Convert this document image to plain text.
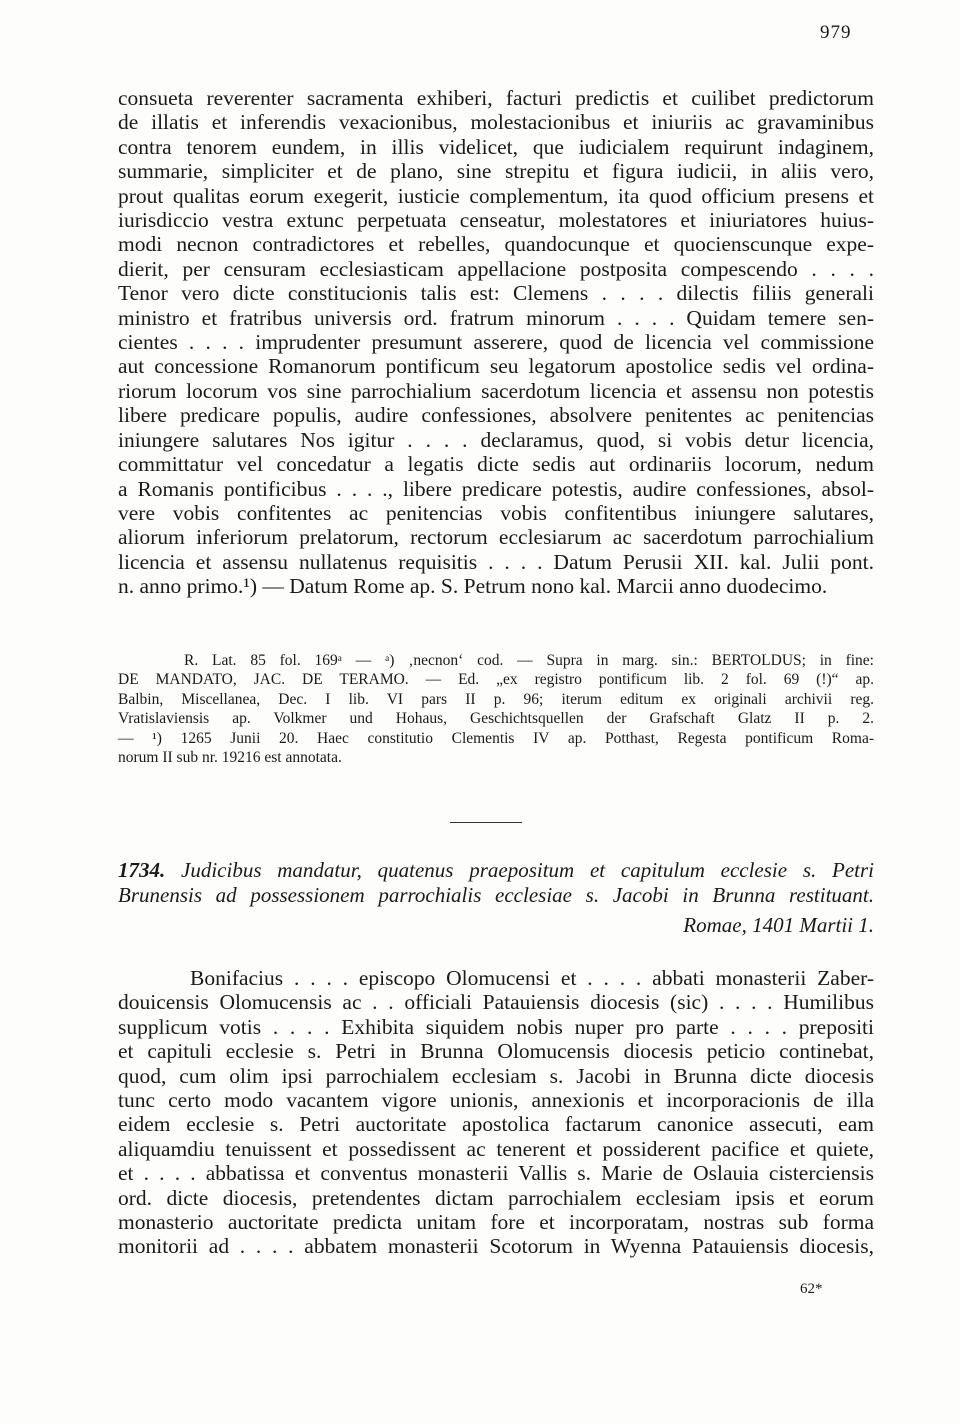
979
consueta reverenter sacramenta exhiberi, facturi predictis et cuilibet predictorum
de illatis et inferendis vexacionibus, molestacionibus et iniuriis ac gravaminibus
contra tenorem eundem, in illis videlicet, que iudicialem requirunt indaginem,
summarie, simpliciter et de plano, sine strepitu et figura iudicii, in aliis vero,
prout qualitas eorum exegerit, iusticie complementum, ita quod officium presens et
iurisdiccio vestra extunc perpetuata censeatur, molestatores et iniuriatores huius-
modi necnon contradictores et rebelles, quandocunque et quocienscunque expe-
dierit, per censuram ecclesiasticam appellacione postposita compescendo . . . .
Tenor vero dicte constitucionis talis est: Clemens . . . . dilectis filiis generali
ministro et fratribus universis ord. fratrum minorum . . . . Quidam temere sen-
cientes . . . . imprudenter presumunt asserere, quod de licencia vel commissione
aut concessione Romanorum pontificum seu legatorum apostolice sedis vel ordina-
riorum locorum vos sine parrochialium sacerdotum licencia et assensu non potestis
libere predicare populis, audire confessiones, absolvere penitentes ac penitencias
iniungere salutares Nos igitur . . . . declaramus, quod, si vobis detur licencia,
committatur vel concedatur a legatis dicte sedis aut ordinariis locorum, nedum
a Romanis pontificibus . . . ., libere predicare potestis, audire confessiones, absol-
vere vobis confitentes ac penitencias vobis confitentibus iniungere salutares,
aliorum inferiorum prelatorum, rectorum ecclesiarum ac sacerdotum parrochialium
licencia et assensu nullatenus requisitis . . . . Datum Perusii XII. kal. Julii pont.
n. anno primo.¹) — Datum Rome ap. S. Petrum nono kal. Marcii anno duodecimo.
R. Lat. 85 fol. 169ᵃ — ᵃ) ‚necnon‘ cod. — Supra in marg. sin.: BERTOLDUS; in fine:
DE MANDATO, JAC. DE TERAMO. — Ed. „ex registro pontificum lib. 2 fol. 69 (!)“ ap.
Balbin, Miscellanea, Dec. I lib. VI pars II p. 96; iterum editum ex originali archivii reg.
Vratislaviensis ap. Volkmer und Hohaus, Geschichtsquellen der Grafschaft Glatz II p. 2.
— ¹) 1265 Junii 20. Haec constitutio Clementis IV ap. Potthast, Regesta pontificum Roma-
norum II sub nr. 19216 est annotata.
1734. Judicibus mandatur, quatenus praepositum et capitulum ecclesie s. Petri
Brunensis ad possessionem parrochialis ecclesiae s. Jacobi in Brunna restituant.
Romae, 1401 Martii 1.
Bonifacius . . . . episcopo Olomucensi et . . . . abbati monasterii Zaber-
douicensis Olomucensis ac . . officiali Patauiensis diocesis (sic) . . . . Humilibus
supplicum votis . . . . Exhibita siquidem nobis nuper pro parte . . . . prepositi
et capituli ecclesie s. Petri in Brunna Olomucensis diocesis peticio continebat,
quod, cum olim ipsi parrochialem ecclesiam s. Jacobi in Brunna dicte diocesis
tunc certo modo vacantem vigore unionis, annexionis et incorporacionis de illa
eidem ecclesie s. Petri auctoritate apostolica factarum canonice assecuti, eam
aliquamdiu tenuissent et possedissent ac tenerent et possiderent pacifice et quiete,
et . . . . abbatissa et conventus monasterii Vallis s. Marie de Oslauia cisterciensis
ord. dicte diocesis, pretendentes dictam parrochialem ecclesiam ipsis et eorum
monasterio auctoritate predicta unitam fore et incorporatam, nostras sub forma
monitorii ad . . . . abbatem monasterii Scotorum in Wyenna Patauiensis diocesis,
62*
